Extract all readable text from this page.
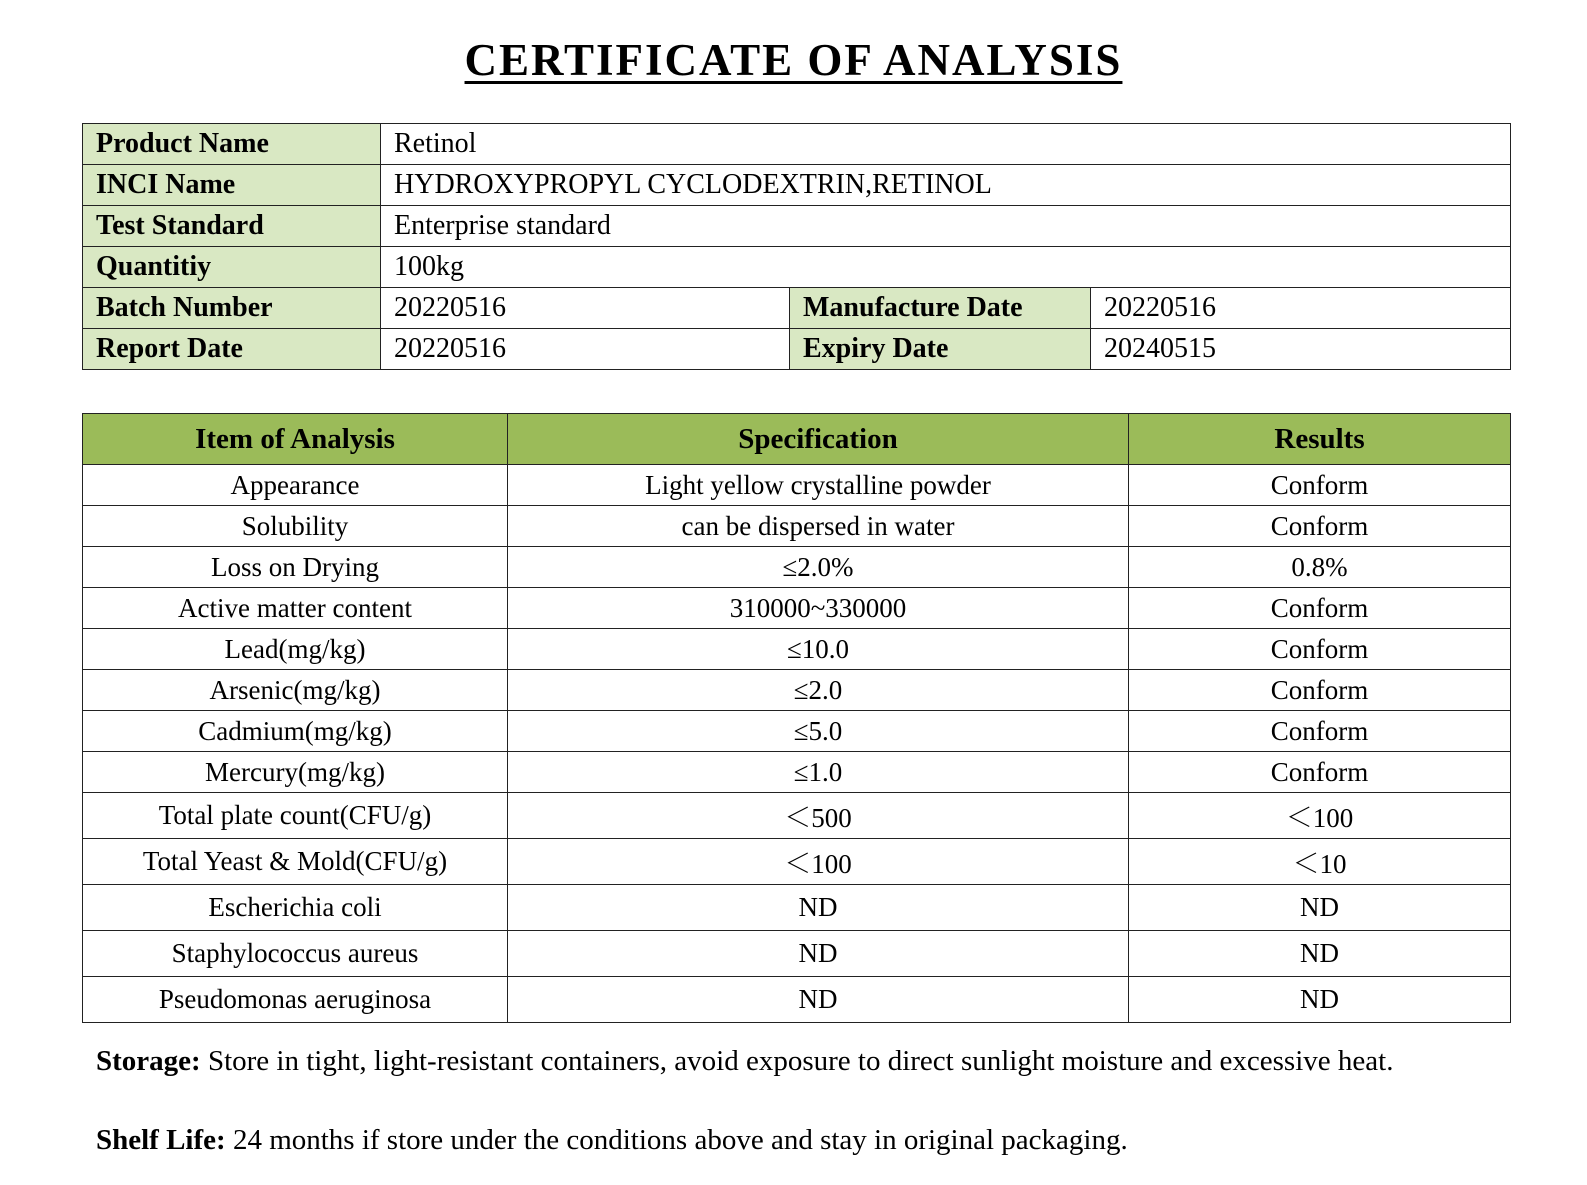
CERTIFICATE OF ANALYSIS
Product Name	Retinol		
INCI Name	HYDROXYPROPYL CYCLODEXTRIN,RETINOL		
Test Standard	Enterprise standard		
Quantitiy	100kg		
Batch Number	20220516	Manufacture Date	20220516
Report Date	20220516	Expiry Date	20240515
Item of Analysis	Specification	Results
Appearance	Light yellow crystalline powder	Conform
Solubility	can be dispersed in water	Conform
Loss on Drying	≤2.0%	0.8%
Active matter content	310000~330000	Conform
Lead(mg/kg)	≤10.0	Conform
Arsenic(mg/kg)	≤2.0	Conform
Cadmium(mg/kg)	≤5.0	Conform
Mercury(mg/kg)	≤1.0	Conform
Total plate count(CFU/g)	＜500	＜100
Total Yeast & Mold(CFU/g)	＜100	＜10
Escherichia coli	ND	ND
Staphylococcus aureus	ND	ND
Pseudomonas aeruginosa	ND	ND
Storage: Store in tight, light-resistant containers, avoid exposure to direct sunlight moisture and excessive heat.
Shelf Life: 24 months if store under the conditions above and stay in original packaging.
